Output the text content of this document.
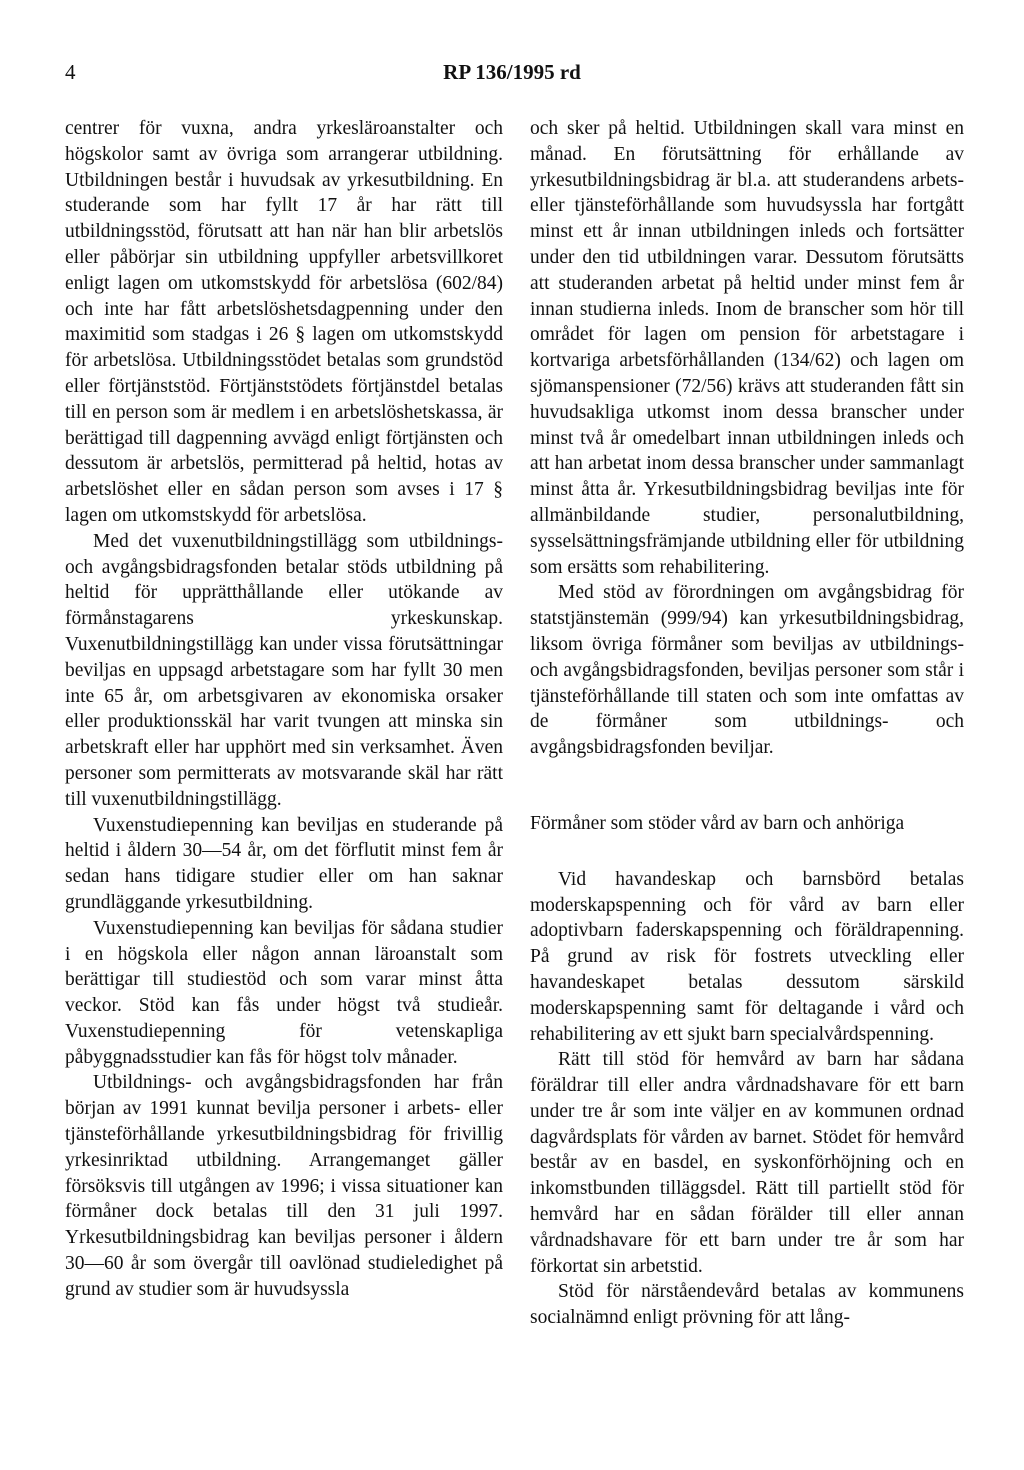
4	RP 136/1995 rd

centrer för vuxna, andra yrkesläroanstalter och högskolor samt av övriga som arrangerar utbildning. Utbildningen består i huvudsak av yrkesutbildning. En studerande som har fyllt 17 år har rätt till utbildningsstöd, förutsatt att han när han blir arbetslös eller påbörjar sin utbildning uppfyller arbetsvillkoret enligt lagen om utkomstskydd för arbetslösa (602/84) och inte har fått arbetslöshetsdagpenning under den maximitid som stadgas i 26 § lagen om utkomstskydd för arbetslösa. Utbildningsstödet betalas som grundstöd eller förtjänststöd. Förtjänststödets förtjänstdel betalas till en person som är medlem i en arbetslöshetskassa, är berättigad till dagpenning avvägd enligt förtjänsten och dessutom är arbetslös, permitterad på heltid, hotas av arbetslöshet eller en sådan person som avses i 17 § lagen om utkomstskydd för arbetslösa.

Med det vuxenutbildningstillägg som utbildnings- och avgångsbidragsfonden betalar stöds utbildning på heltid för upprätthållande eller utökande av förmånstagarens yrkeskunskap. Vuxenutbildningstillägg kan under vissa förutsättningar beviljas en uppsagd arbetstagare som har fyllt 30 men inte 65 år, om arbetsgivaren av ekonomiska orsaker eller produktionsskäl har varit tvungen att minska sin arbetskraft eller har upphört med sin verksamhet. Även personer som permitterats av motsvarande skäl har rätt till vuxenutbildningstillägg.

Vuxenstudiepenning kan beviljas en studerande på heltid i åldern 30—54 år, om det förflutit minst fem år sedan hans tidigare studier eller om han saknar grundläggande yrkesutbildning.

Vuxenstudiepenning kan beviljas för sådana studier i en högskola eller någon annan läroanstalt som berättigar till studiestöd och som varar minst åtta veckor. Stöd kan fås under högst två studieår. Vuxenstudiepenning för vetenskapliga påbyggnadsstudier kan fås för högst tolv månader.

Utbildnings- och avgångsbidragsfonden har från början av 1991 kunnat bevilja personer i arbets- eller tjänsteförhållande yrkesutbildningsbidrag för frivillig yrkesinriktad utbildning. Arrangemanget gäller försöksvis till utgången av 1996; i vissa situationer kan förmåner dock betalas till den 31 juli 1997. Yrkesutbildningsbidrag kan beviljas personer i åldern 30—60 år som övergår till oavlönad studieledighet på grund av studier som är huvudsyssla

och sker på heltid. Utbildningen skall vara minst en månad. En förutsättning för erhållande av yrkesutbildningsbidrag är bl.a. att studerandens arbets- eller tjänsteförhållande som huvudsyssla har fortgått minst ett år innan utbildningen inleds och fortsätter under den tid utbildningen varar. Dessutom förutsätts att studeranden arbetat på heltid under minst fem år innan studierna inleds. Inom de branscher som hör till området för lagen om pension för arbetstagare i kortvariga arbetsförhållanden (134/62) och lagen om sjömanspensioner (72/56) krävs att studeranden fått sin huvudsakliga utkomst inom dessa branscher under minst två år omedelbart innan utbildningen inleds och att han arbetat inom dessa branscher under sammanlagt minst åtta år. Yrkesutbildningsbidrag beviljas inte för allmänbildande studier, personalutbildning, sysselsättningsfrämjande utbildning eller för utbildning som ersätts som rehabilitering.

Med stöd av förordningen om avgångsbidrag för statstjänstemän (999/94) kan yrkesutbildningsbidrag, liksom övriga förmåner som beviljas av utbildnings- och avgångsbidragsfonden, beviljas personer som står i tjänsteförhållande till staten och som inte omfattas av de förmåner som utbildnings- och avgångsbidragsfonden beviljar.

Förmåner som stöder vård av barn och anhöriga

Vid havandeskap och barnsbörd betalas moderskapspenning och för vård av barn eller adoptivbarn faderskapspenning och föräldrapenning. På grund av risk för fostrets utveckling eller havandeskapet betalas dessutom särskild moderskapspenning samt för deltagande i vård och rehabilitering av ett sjukt barn specialvårdspenning.

Rätt till stöd för hemvård av barn har sådana föräldrar till eller andra vårdnadshavare för ett barn under tre år som inte väljer en av kommunen ordnad dagvårdsplats för vården av barnet. Stödet för hemvård består av en basdel, en syskonförhöjning och en inkomstbunden tilläggsdel. Rätt till partiellt stöd för hemvård har en sådan förälder till eller annan vårdnadshavare för ett barn under tre år som har förkortat sin arbetstid.

Stöd för närståendevård betalas av kommunens socialnämnd enligt prövning för att lång-
